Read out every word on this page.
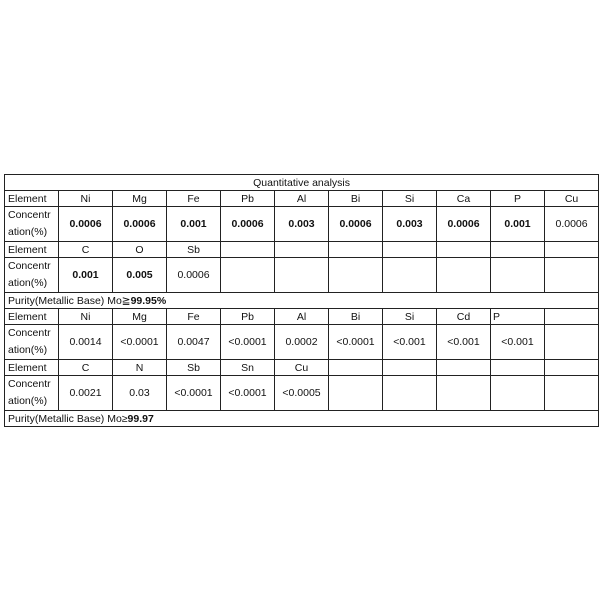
Quantitative analysis										
Element	Ni	Mg	Fe	Pb	Al	Bi	Si	Ca	P	Cu
Concentr
ation(%)	0.0006	0.0006	0.001	0.0006	0.003	0.0006	0.003	0.0006	0.001	0.0006
Element	C	O	Sb							
Concentr
ation(%)	0.001	0.005	0.0006							
Purity(Metallic Base) Mo≧99.95%										
Element	Ni	Mg	Fe	Pb	Al	Bi	Si	Cd	P	
Concentr
ation(%)	0.0014	<0.0001	0.0047	<0.0001	0.0002	<0.0001	<0.001	<0.001	<0.001	
Element	C	N	Sb	Sn	Cu					
Concentr
ation(%)	0.0021	0.03	<0.0001	<0.0001	<0.0005					
Purity(Metallic Base) Mo≥99.97										
